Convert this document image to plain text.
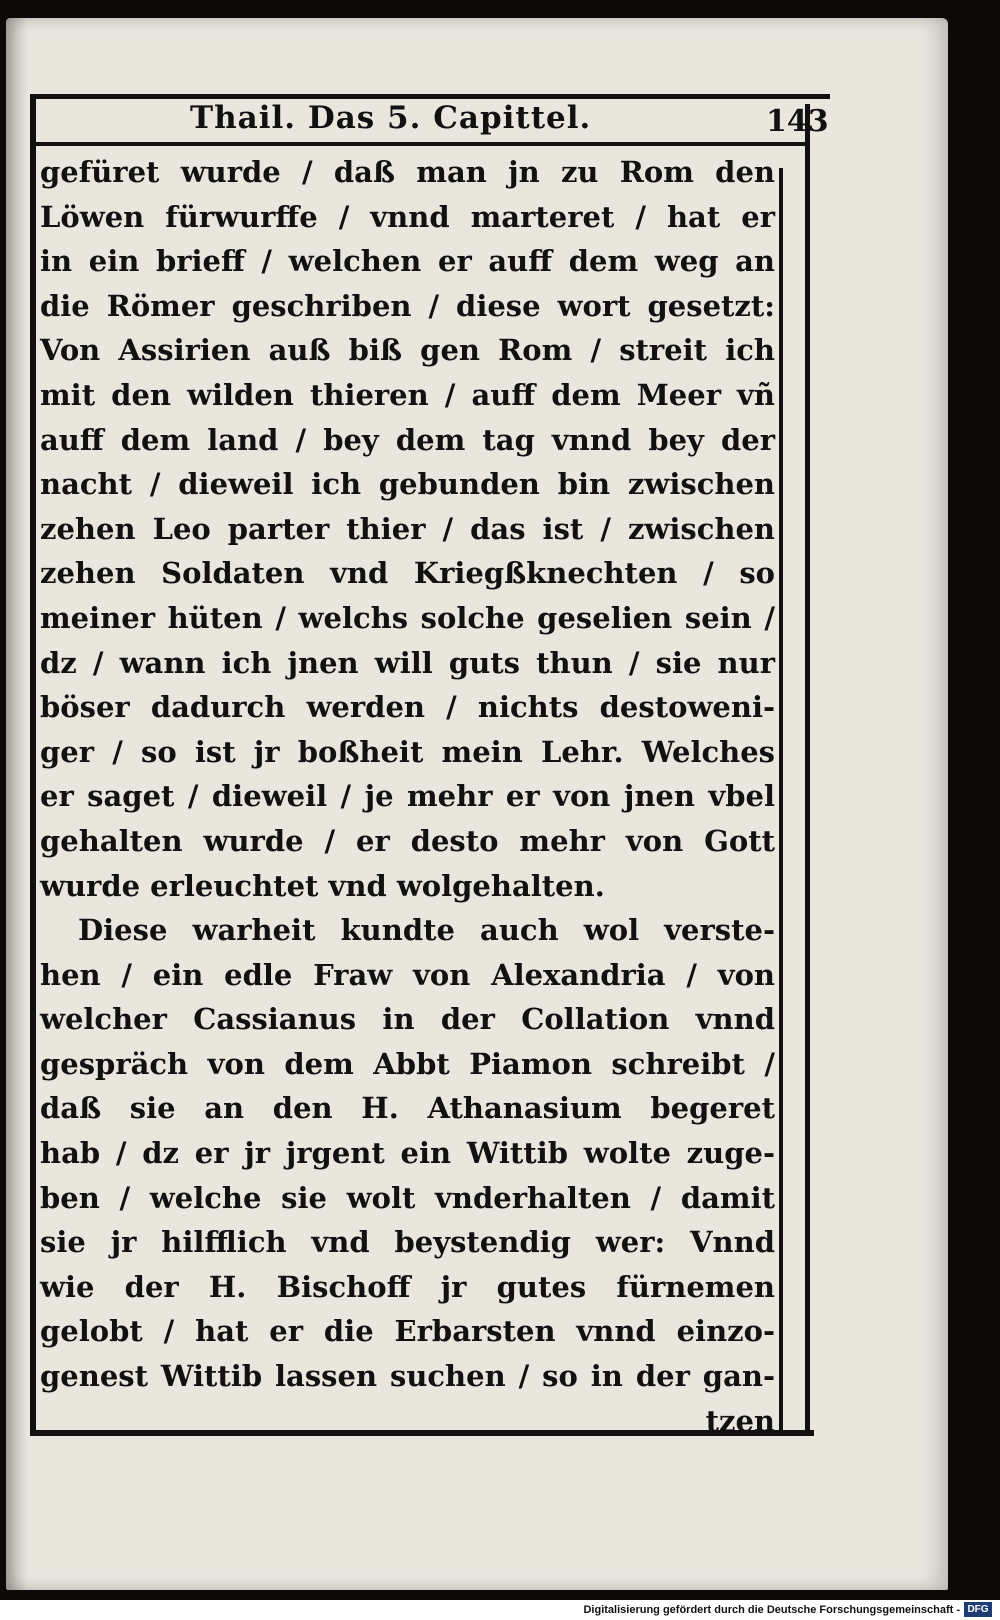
Thail. Das 5. Capittel.	143
gefüret wurde / daß man jn zu Rom den
Löwen fürwurffe / vnnd marteret / hat er
in ein brieff / welchen er auff dem weg an
die Römer geschriben / diese wort gesetzt:
Von Assirien auß biß gen Rom / streit ich
mit den wilden thieren / auff dem Meer vñ
auff dem land / bey dem tag vnnd bey der
nacht / dieweil ich gebunden bin zwischen
zehen Leo parter thier / das ist / zwischen
zehen Soldaten vnd Kriegßknechten / so
meiner hüten / welchs solche geselien sein /
dz / wann ich jnen will guts thun / sie nur
böser dadurch werden / nichts destoweni-
ger / so ist jr boßheit mein Lehr. Welches
er saget / dieweil / je mehr er von jnen vbel
gehalten wurde / er desto mehr von Gott
wurde erleuchtet vnd wolgehalten.
Diese warheit kundte auch wol verste-
hen / ein edle Fraw von Alexandria / von
welcher Cassianus in der Collation vnnd
gespräch von dem Abbt Piamon schreibt /
daß sie an den H. Athanasium begeret
hab / dz er jr jrgent ein Wittib wolte zuge-
ben / welche sie wolt vnderhalten / damit
sie jr hilfflich vnd beystendig wer: Vnnd
wie der H. Bischoff jr gutes fürnemen
gelobt / hat er die Erbarsten vnnd einzo-
genest Wittib lassen suchen / so in der gan-
tzen
Digitalisierung gefördert durch die Deutsche Forschungsgemeinschaft - DFG
